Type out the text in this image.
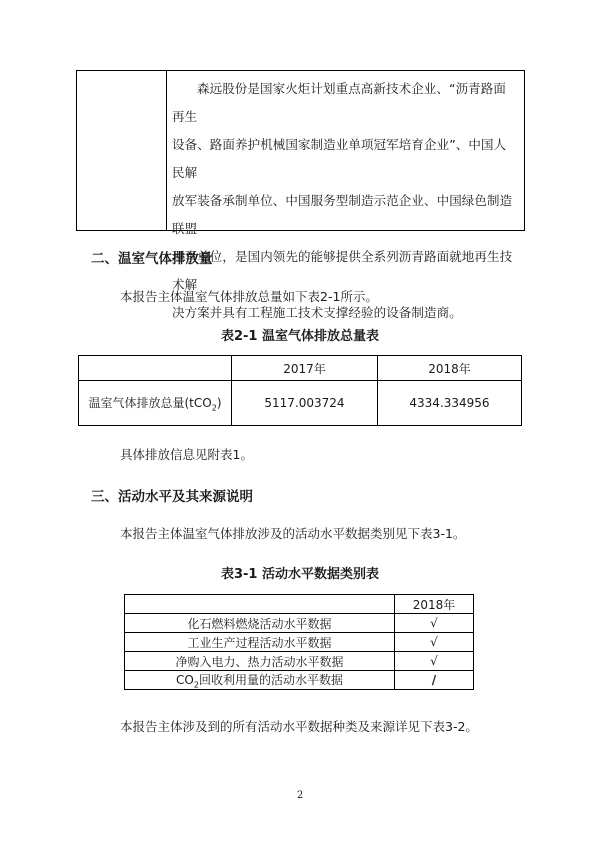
森远股份是国家火炬计划重点高新技术企业、“沥青路面再生
设备、路面养护机械国家制造业单项冠军培育企业”、中国人民解
放军装备承制单位、中国服务型制造示范企业、中国绿色制造联盟
理事单位，是国内领先的能够提供全系列沥青路面就地再生技术解
决方案并具有工程施工技术支撑经验的设备制造商。
二、温室气体排放量
本报告主体温室气体排放总量如下表2-1所示。
表2-1 温室气体排放总量表
	2017年	2018年
温室气体排放总量(tCO$_2$)	5117.003724	4334.334956
具体排放信息见附表1。
三、活动水平及其来源说明
本报告主体温室气体排放涉及的活动水平数据类别见下表3-1。
表3-1 活动水平数据类别表
	2018年
化石燃料燃烧活动水平数据	√
工业生产过程活动水平数据	√
净购入电力、热力活动水平数据	√
$CO_2$回收利用量的活动水平数据	/
本报告主体涉及到的所有活动水平数据种类及来源详见下表3-2。
2
